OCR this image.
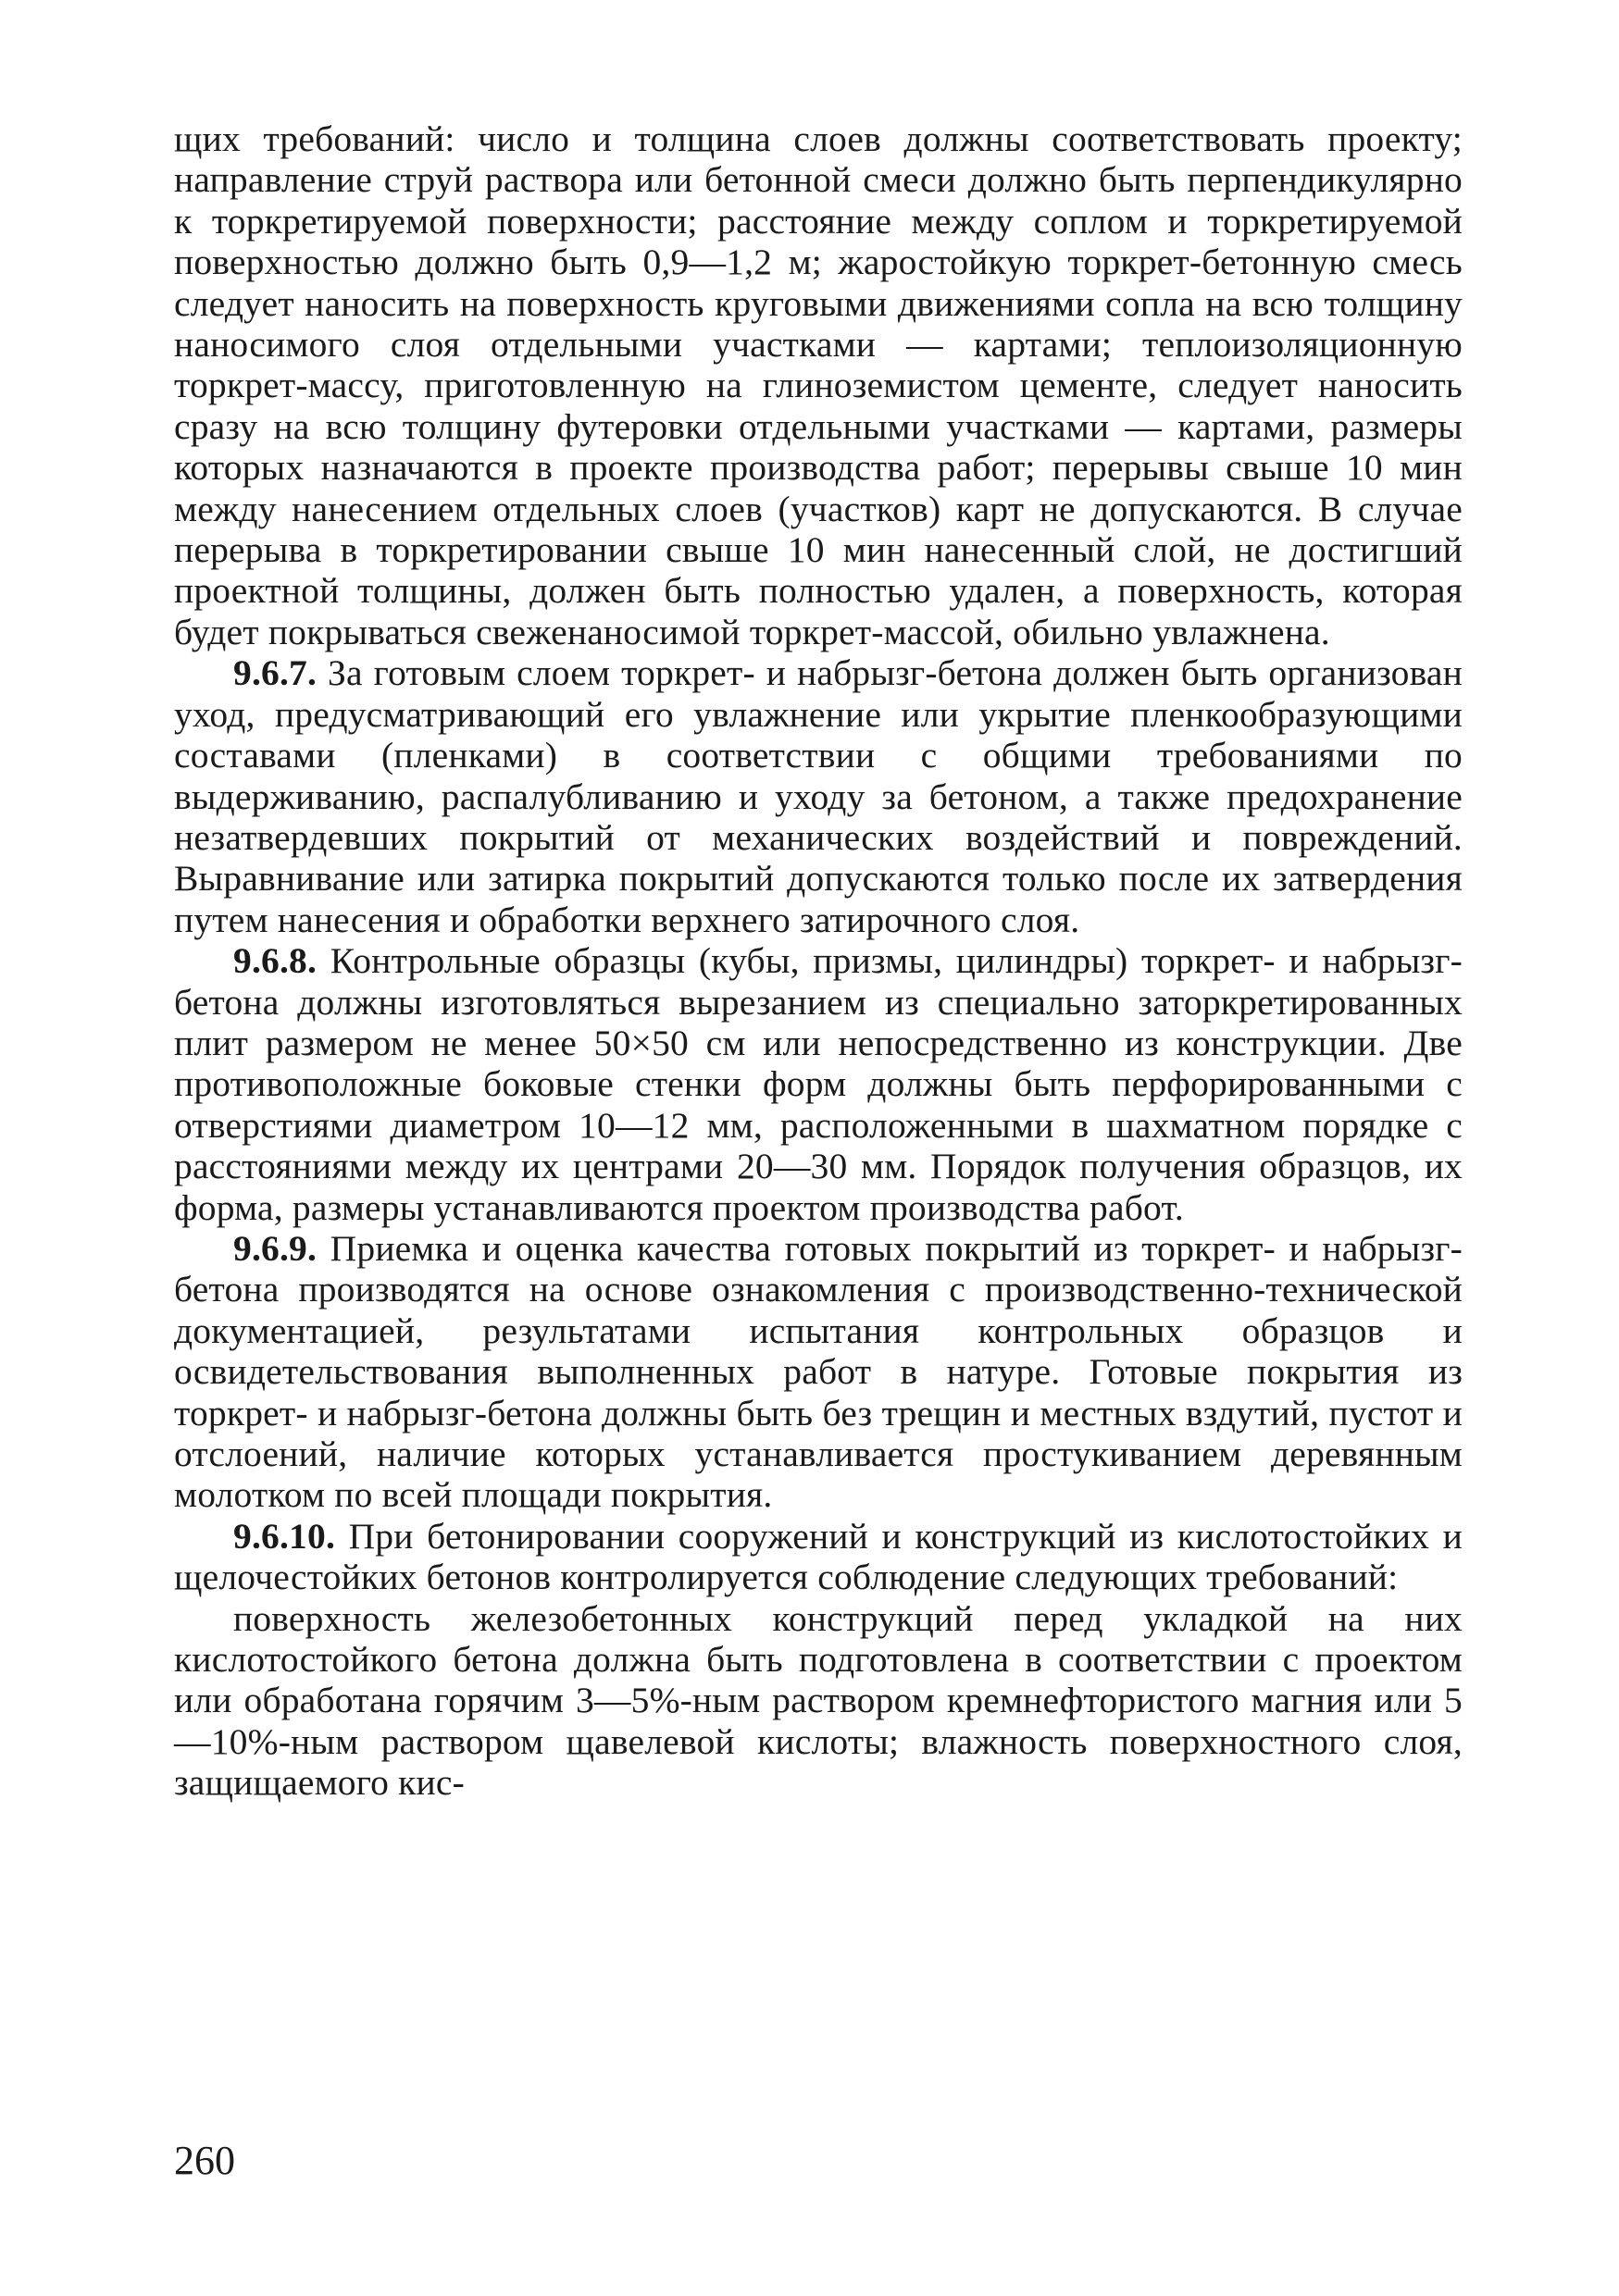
щих требований: число и толщина слоев должны соответствовать проекту; направление струй раствора или бетонной смеси должно быть перпендикулярно к торкретируемой поверхности; расстояние между соплом и торкретируемой поверхностью должно быть 0,9—1,2 м; жаростойкую торкрет-бетонную смесь следует наносить на поверхность круговыми движениями сопла на всю толщину наносимого слоя отдельными участками — картами; теплоизоляционную торкрет-массу, приготовленную на глиноземистом цементе, следует наносить сразу на всю толщину футеровки отдельными участками — картами, размеры которых назначаются в проекте производства работ; перерывы свыше 10 мин между нанесением отдельных слоев (участков) карт не допускаются. В случае перерыва в торкретировании свыше 10 мин нанесенный слой, не достигший проектной толщины, должен быть полностью удален, а поверхность, которая будет покрываться свеженаносимой торкрет-массой, обильно увлажнена.

9.6.7. За готовым слоем торкрет- и набрызг-бетона должен быть организован уход, предусматривающий его увлажнение или укрытие пленкообразующими составами (пленками) в соответствии с общими требованиями по выдерживанию, распалубливанию и уходу за бетоном, а также предохранение незатвердевших покрытий от механических воздействий и повреждений. Выравнивание или затирка покрытий допускаются только после их затвердения путем нанесения и обработки верхнего затирочного слоя.

9.6.8. Контрольные образцы (кубы, призмы, цилиндры) торкрет- и набрызг-бетона должны изготовляться вырезанием из специально заторкретированных плит размером не менее 50×50 см или непосредственно из конструкции. Две противоположные боковые стенки форм должны быть перфорированными с отверстиями диаметром 10—12 мм, расположенными в шахматном порядке с расстояниями между их центрами 20—30 мм. Порядок получения образцов, их форма, размеры устанавливаются проектом производства работ.

9.6.9. Приемка и оценка качества готовых покрытий из торкрет- и набрызг-бетона производятся на основе ознакомления с производственно-технической документацией, результатами испытания контрольных образцов и освидетельствования выполненных работ в натуре. Готовые покрытия из торкрет- и набрызг-бетона должны быть без трещин и местных вздутий, пустот и отслоений, наличие которых устанавливается простукиванием деревянным молотком по всей площади покрытия.

9.6.10. При бетонировании сооружений и конструкций из кислотостойких и щелочестойких бетонов контролируется соблюдение следующих требований:

поверхность железобетонных конструкций перед укладкой на них кислотостойкого бетона должна быть подготовлена в соответствии с проектом или обработана горячим 3—5%-ным раствором кремнефтористого магния или 5—10%-ным раствором щавелевой кислоты; влажность поверхностного слоя, защищаемого кис-

260
